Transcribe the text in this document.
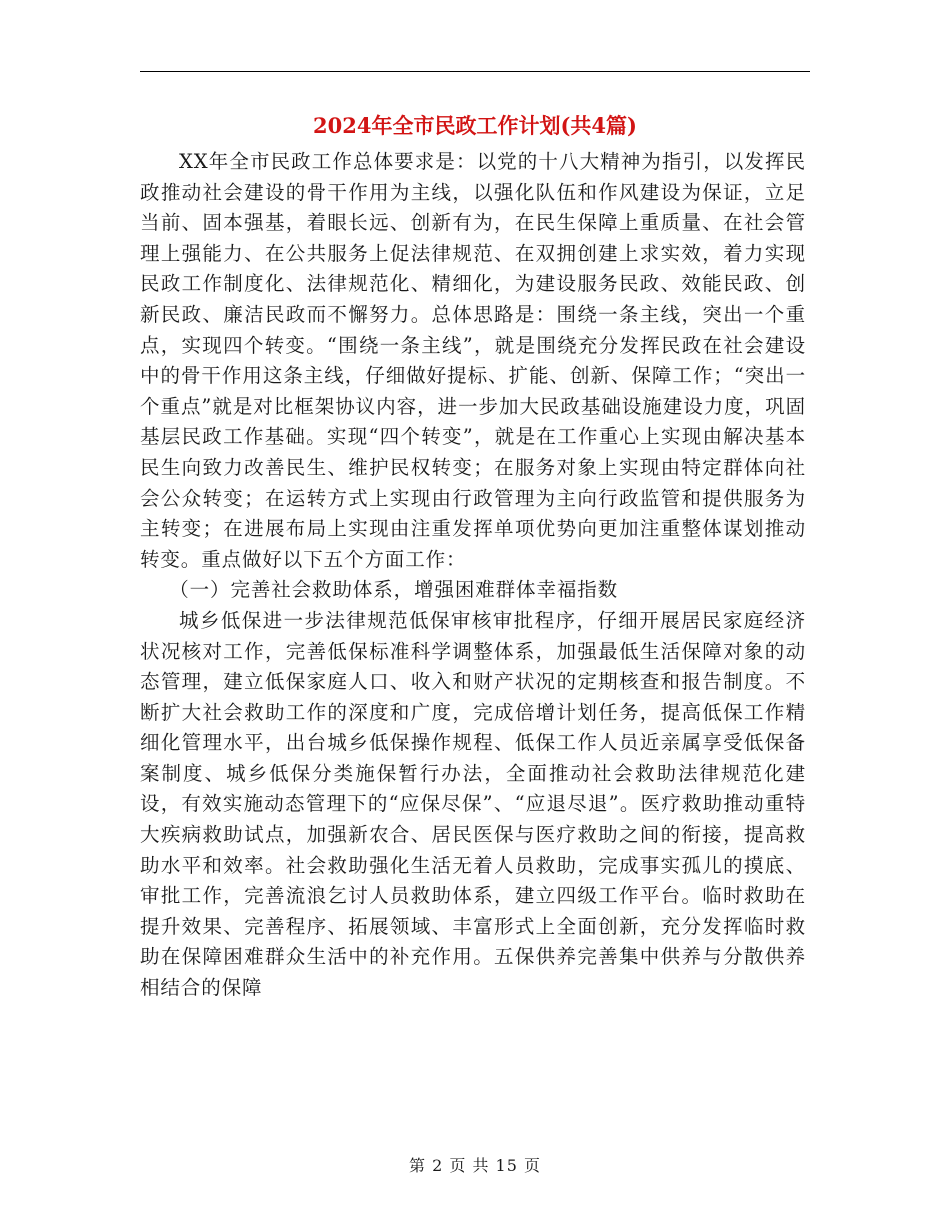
2024年全市民政工作计划(共4篇)

XX年全市民政工作总体要求是：以党的十八大精神为指引，以发挥民政推动社会建设的骨干作用为主线，以强化队伍和作风建设为保证，立足当前、固本强基，着眼长远、创新有为，在民生保障上重质量、在社会管理上强能力、在公共服务上促法律规范、在双拥创建上求实效，着力实现民政工作制度化、法律规范化、精细化，为建设服务民政、效能民政、创新民政、廉洁民政而不懈努力。总体思路是：围绕一条主线，突出一个重点，实现四个转变。“围绕一条主线”，就是围绕充分发挥民政在社会建设中的骨干作用这条主线，仔细做好提标、扩能、创新、保障工作；“突出一个重点”就是对比框架协议内容，进一步加大民政基础设施建设力度，巩固基层民政工作基础。实现“四个转变”，就是在工作重心上实现由解决基本民生向致力改善民生、维护民权转变；在服务对象上实现由特定群体向社会公众转变；在运转方式上实现由行政管理为主向行政监管和提供服务为主转变；在进展布局上实现由注重发挥单项优势向更加注重整体谋划推动转变。重点做好以下五个方面工作：

（一）完善社会救助体系，增强困难群体幸福指数

城乡低保进一步法律规范低保审核审批程序，仔细开展居民家庭经济状况核对工作，完善低保标准科学调整体系，加强最低生活保障对象的动态管理，建立低保家庭人口、收入和财产状况的定期核查和报告制度。不断扩大社会救助工作的深度和广度，完成倍增计划任务，提高低保工作精细化管理水平，出台城乡低保操作规程、低保工作人员近亲属享受低保备案制度、城乡低保分类施保暂行办法，全面推动社会救助法律规范化建设，有效实施动态管理下的“应保尽保”、“应退尽退”。医疗救助推动重特大疾病救助试点，加强新农合、居民医保与医疗救助之间的衔接，提高救助水平和效率。社会救助强化生活无着人员救助，完成事实孤儿的摸底、审批工作，完善流浪乞讨人员救助体系，建立四级工作平台。临时救助在提升效果、完善程序、拓展领域、丰富形式上全面创新，充分发挥临时救助在保障困难群众生活中的补充作用。五保供养完善集中供养与分散供养相结合的保障

第 2 页 共 15 页
